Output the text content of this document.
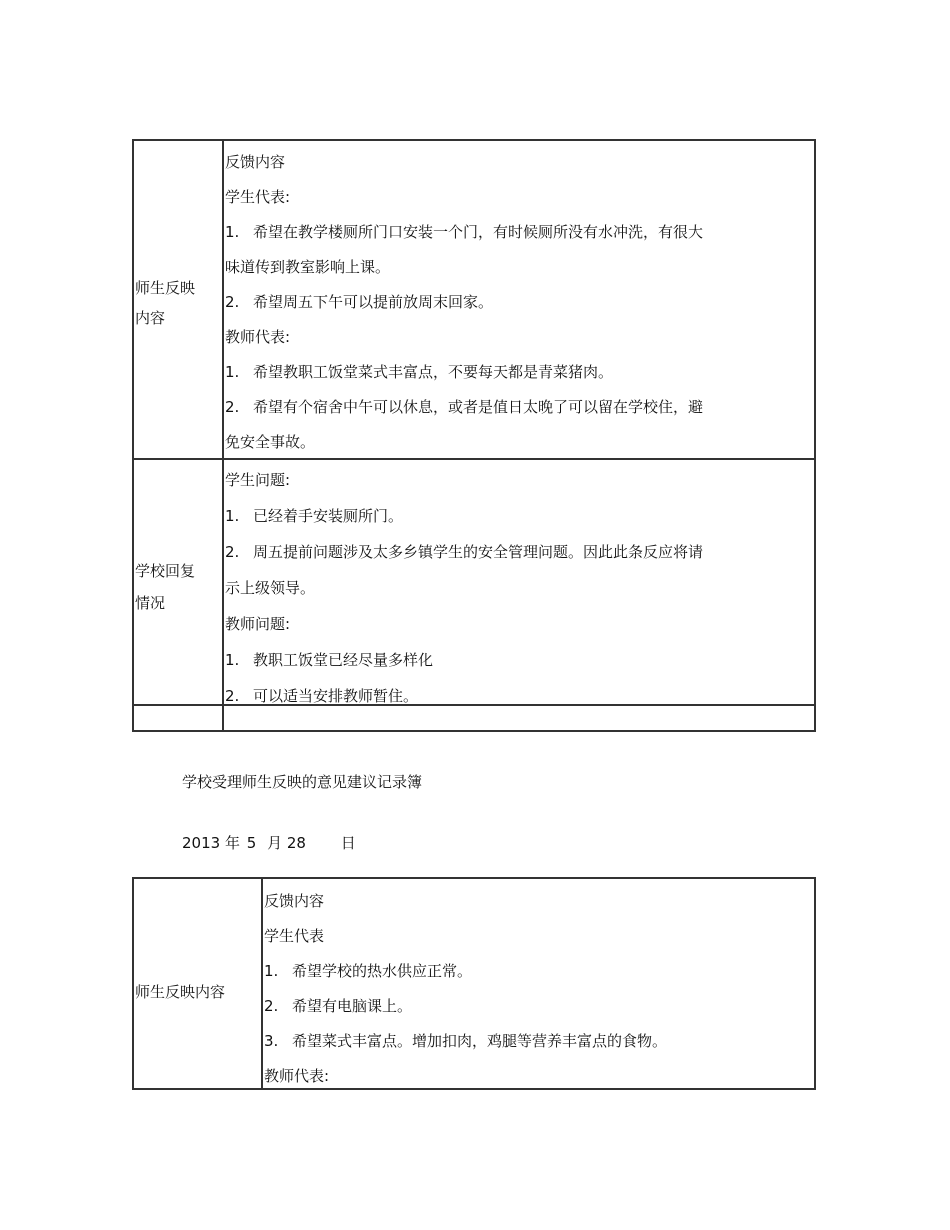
师生反映
内容
反馈内容
学生代表:
1. 希望在教学楼厕所门口安装一个门，有时候厕所没有水冲洗，有很大
味道传到教室影响上课。
2. 希望周五下午可以提前放周末回家。
教师代表:
1. 希望教职工饭堂菜式丰富点，不要每天都是青菜猪肉。
2. 希望有个宿舍中午可以休息，或者是值日太晚了可以留在学校住，避
免安全事故。
学校回复
情况
学生问题:
1. 已经着手安装厕所门。
2. 周五提前问题涉及太多乡镇学生的安全管理问题。因此此条反应将请
示上级领导。
教师问题:
1. 教职工饭堂已经尽量多样化
2. 可以适当安排教师暂住。
学校受理师生反映的意见建议记录簿
2013 年 5 月 28 日
师生反映内容
反馈内容
学生代表
1. 希望学校的热水供应正常。
2. 希望有电脑课上。
3. 希望菜式丰富点。增加扣肉，鸡腿等营养丰富点的食物。
教师代表:
